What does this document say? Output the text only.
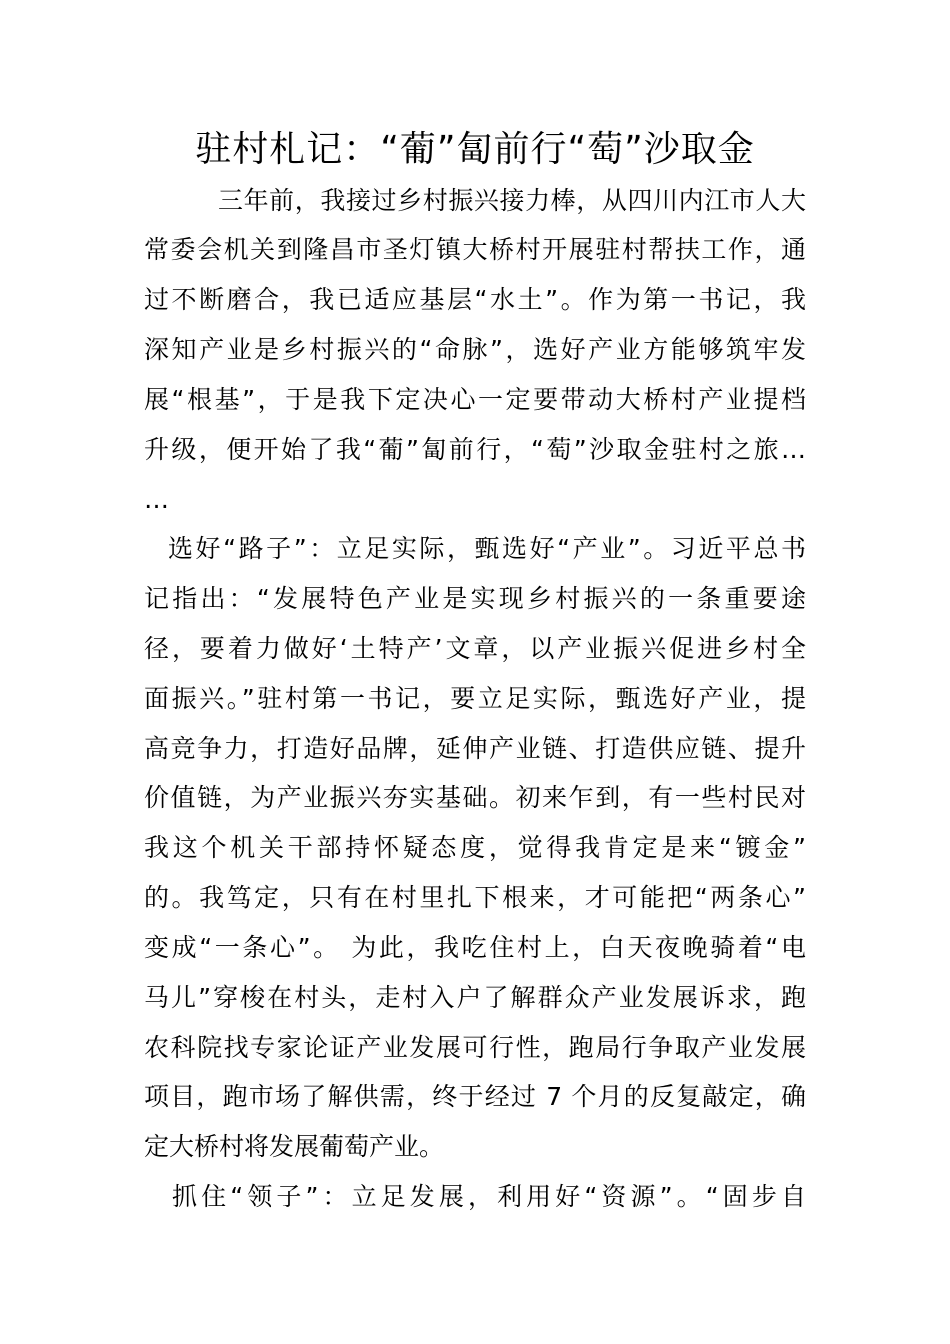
驻村札记：“葡”匐前行“萄”沙取金
三年前，我接过乡村振兴接力棒，从四川内江市人大
常委会机关到隆昌市圣灯镇大桥村开展驻村帮扶工作，通
过不断磨合，我已适应基层“水土”。作为第一书记，我
深知产业是乡村振兴的“命脉”，选好产业方能够筑牢发
展“根基”，于是我下定决心一定要带动大桥村产业提档
升级，便开始了我“葡”匐前行，“萄”沙取金驻村之旅…
…
选好“路子”：立足实际，甄选好“产业”。习近平总书
记指出：“发展特色产业是实现乡村振兴的一条重要途
径，要着力做好‘土特产’文章，以产业振兴促进乡村全
面振兴。”驻村第一书记，要立足实际，甄选好产业，提
高竞争力，打造好品牌，延伸产业链、打造供应链、提升
价值链，为产业振兴夯实基础。初来乍到，有一些村民对
我这个机关干部持怀疑态度，觉得我肯定是来“镀金”
的。我笃定，只有在村里扎下根来，才可能把“两条心”
变成“一条心”。 为此，我吃住村上，白天夜晚骑着“电
马儿”穿梭在村头，走村入户了解群众产业发展诉求，跑
农科院找专家论证产业发展可行性，跑局行争取产业发展
项目，跑市场了解供需，终于经过 7 个月的反复敲定，确
定大桥村将发展葡萄产业。
抓住“领子”：立足发展，利用好“资源”。“固步自
